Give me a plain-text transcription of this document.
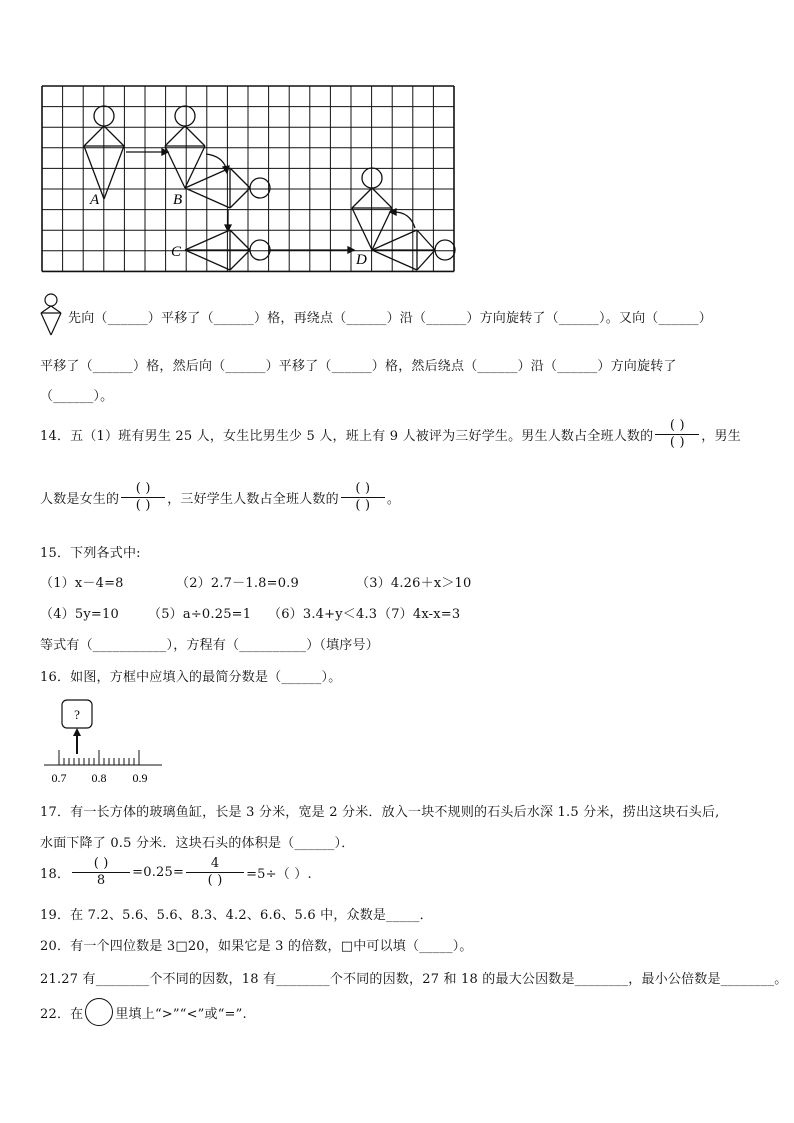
A	B
C	D
先向（______）平移了（______）格，再绕点（______）沿（______）方向旋转了（______）。又向（______）
平移了（______）格，然后向（______）平移了（______）格，然后绕点（______）沿（______）方向旋转了
（______）。
14．五（1）班有男生 25 人，女生比男生少 5 人，班上有 9 人被评为三好学生。男生人数占全班人数的 $\frac{( )}{( )}$ ，男生
人数是女生的 $\frac{( )}{( )}$ ，三好学生人数占全班人数的 $\frac{( )}{( )}$ 。
15．下列各式中:
（1）x－4=8	（2）2.7－1.8=0.9	（3）4.26＋x＞10
（4）5y=10 （5）a÷0.25=1 （6）3.4+y＜4.3 （7）4x-x=3
等式有（___________），方程有（__________）（填序号）
16．如图，方框中应填入的最简分数是（______）。
?
0.7 0.8 0.9
17．有一长方体的玻璃鱼缸，长是 3 分米，宽是 2 分米．放入一块不规则的石头后水深 1.5 分米，捞出这块石头后,
水面下降了 0.5 分米．这块石头的体积是（______）．
18． $\frac{( )}{8} =0.25= \frac{4}{( )} =5\div$（ ）.
19．在 7.2、5.6、5.6、8.3、4.2、6.6、5.6 中，众数是_____．
20．有一个四位数是 3□20，如果它是 3 的倍数，□中可以填（_____）。
21.27 有________个不同的因数，18 有________个不同的因数，27 和 18 的最大公因数是________，最小公倍数是________。
22．在 里填上“>”“<”或“=”.
